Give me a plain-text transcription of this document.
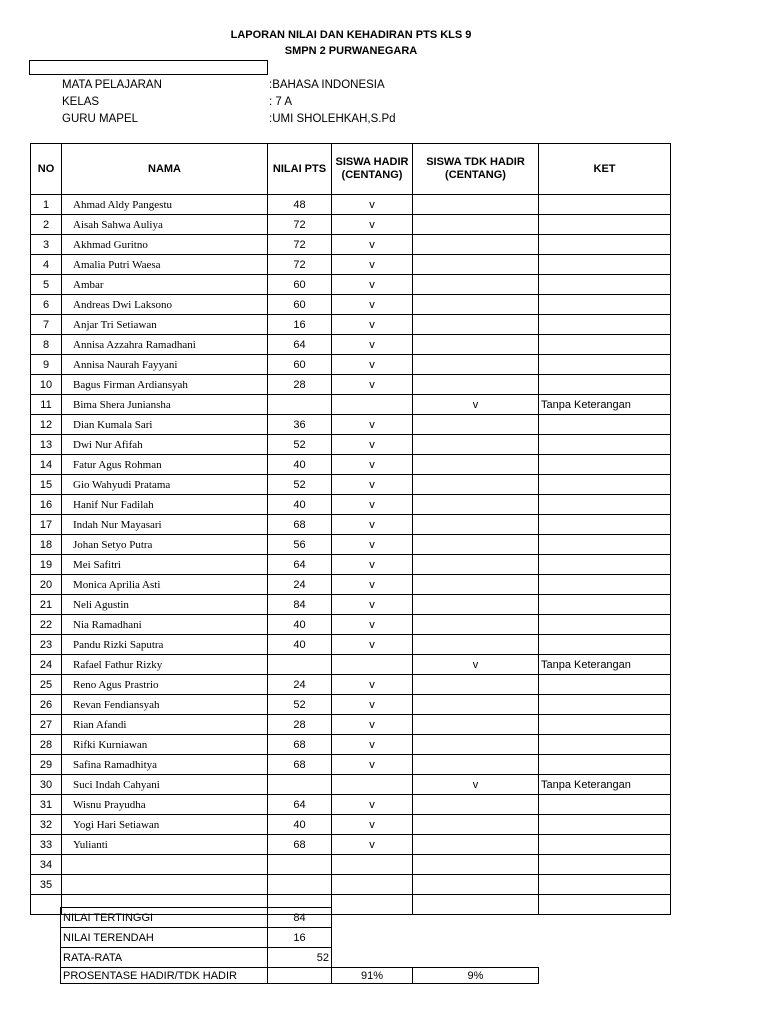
LAPORAN NILAI DAN KEHADIRAN PTS KLS 9
SMPN 2 PURWANEGARA
MATA PELAJARAN	:BAHASA INDONESIA
KELAS	: 7 A
GURU MAPEL	:UMI SHOLEHKAH,S.Pd
NO	NAMA	NILAI PTS	SISWA HADIR (CENTANG)	SISWA TDK HADIR (CENTANG)	KET
1	Ahmad Aldy Pangestu	48	v		
2	Aisah Sahwa Auliya	72	v		
3	Akhmad Guritno	72	v		
4	Amalia Putri Waesa	72	v		
5	Ambar	60	v		
6	Andreas Dwi Laksono	60	v		
7	Anjar Tri Setiawan	16	v		
8	Annisa Azzahra Ramadhani	64	v		
9	Annisa Naurah Fayyani	60	v		
10	Bagus Firman Ardiansyah	28	v		
11	Bima Shera Juniansha			v	Tanpa Keterangan
12	Dian Kumala Sari	36	v		
13	Dwi Nur Afifah	52	v		
14	Fatur Agus Rohman	40	v		
15	Gio Wahyudi Pratama	52	v		
16	Hanif Nur Fadilah	40	v		
17	Indah Nur Mayasari	68	v		
18	Johan Setyo Putra	56	v		
19	Mei Safitri	64	v		
20	Monica Aprilia Asti	24	v		
21	Neli Agustin	84	v		
22	Nia Ramadhani	40	v		
23	Pandu Rizki Saputra	40	v		
24	Rafael Fathur Rizky			v	Tanpa Keterangan
25	Reno Agus Prastrio	24	v		
26	Revan Fendiansyah	52	v		
27	Rian Afandi	28	v		
28	Rifki Kurniawan	68	v		
29	Safina Ramadhitya	68	v		
30	Suci Indah Cahyani			v	Tanpa Keterangan
31	Wisnu Prayudha	64	v		
32	Yogi Hari Setiawan	40	v		
33	Yulianti	68	v		
34					
35					

NILAI TERTINGGI	84		
NILAI TERENDAH	16		
RATA-RATA	52		
PROSENTASE HADIR/TDK HADIR		91%	9%
